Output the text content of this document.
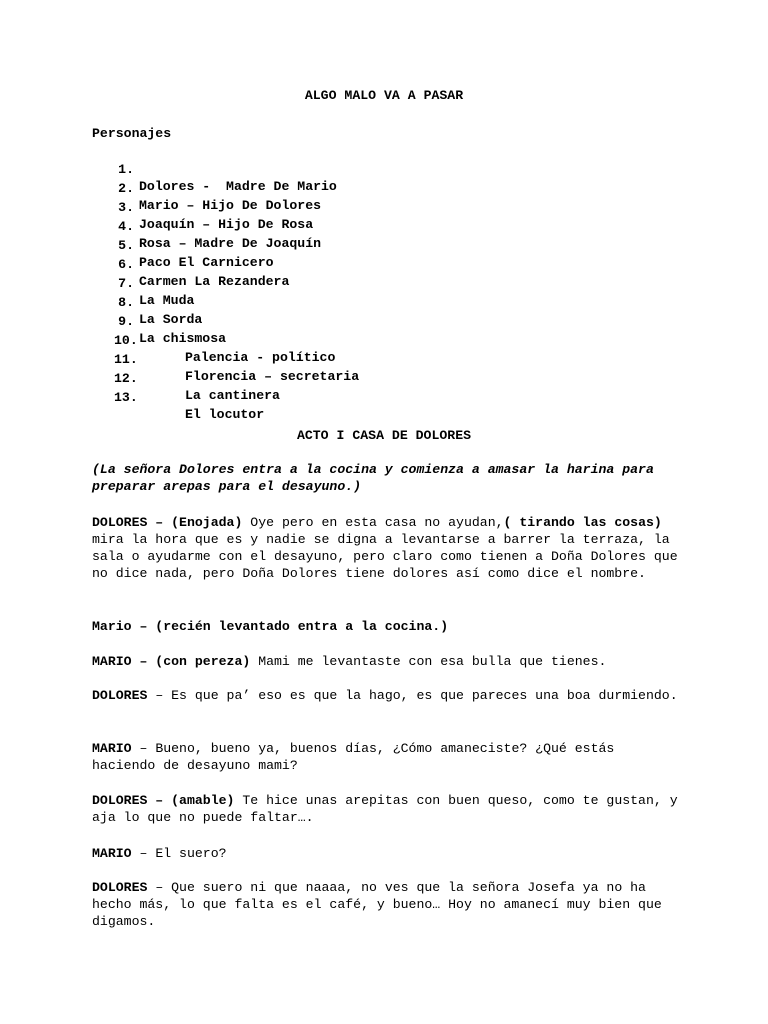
ALGO MALO VA A PASAR
Personajes

1.

Dolores -  Madre De Mario

2.

Mario – Hijo De Dolores

3.

Joaquín – Hijo De Rosa

4.

Rosa – Madre De Joaquín

5.

Paco El Carnicero

6.

Carmen La Rezandera

7.

La Muda

8.

La Sorda

9.

La chismosa

10.

Palencia - político

11.

Florencia – secretaria

12.

La cantinera

13.

El locutor

ACTO I CASA DE DOLORES
(La señora Dolores entra a la cocina y comienza a amasar la harina para preparar arepas para el desayuno.)
DOLORES – (Enojada) Oye pero en esta casa no ayudan,( tirando las cosas) mira la hora que es y nadie se digna a levantarse a barrer la terraza, la sala o ayudarme con el desayuno, pero claro como tienen a Doña Dolores que no dice nada, pero Doña Dolores tiene dolores así como dice el nombre.
Mario – (recién levantado entra a la cocina.)
MARIO – (con pereza) Mami me levantaste con esa bulla que tienes.
DOLORES – Es que pa’ eso es que la hago, es que pareces una boa durmiendo.
MARIO – Bueno, bueno ya, buenos días, ¿Cómo amaneciste? ¿Qué estás haciendo de desayuno mami?
DOLORES – (amable) Te hice unas arepitas con buen queso, como te gustan, y aja lo que no puede faltar….
MARIO – El suero?
DOLORES – Que suero ni que naaaa, no ves que la señora Josefa ya no ha hecho más, lo que falta es el café, y bueno… Hoy no amanecí muy bien que digamos.
